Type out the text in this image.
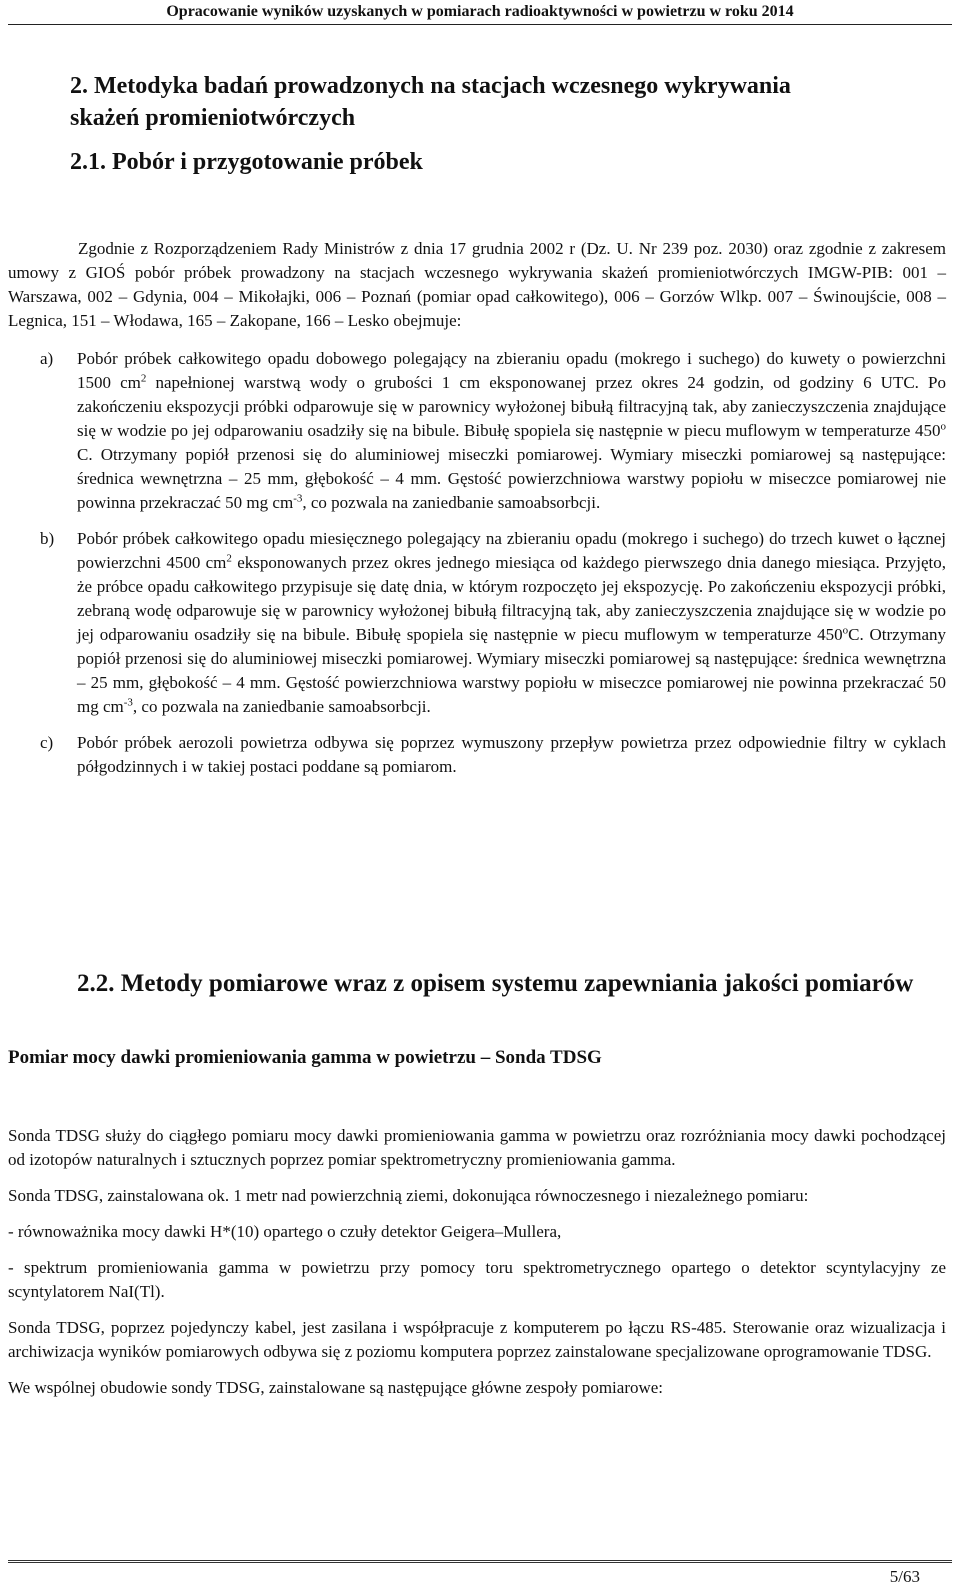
Opracowanie wyników uzyskanych w pomiarach radioaktywności w powietrzu w roku 2014
2. Metodyka badań prowadzonych na stacjach wczesnego wykrywania
skażeń promieniotwórczych
2.1. Pobór i przygotowanie próbek
Zgodnie z Rozporządzeniem Rady Ministrów z dnia 17 grudnia 2002 r (Dz. U. Nr 239 poz. 2030) oraz zgodnie z zakresem umowy z GIOŚ pobór próbek prowadzony na stacjach wczesnego wykrywania skażeń promieniotwórczych IMGW-PIB: 001 – Warszawa, 002 – Gdynia, 004 – Mikołajki, 006 – Poznań (pomiar opad całkowitego), 006 – Gorzów Wlkp. 007 – Świnoujście, 008 – Legnica, 151 – Włodawa, 165 – Zakopane, 166 – Lesko obejmuje:
a)	Pobór próbek całkowitego opadu dobowego polegający na zbieraniu opadu (mokrego i suchego) do kuwety o powierzchni 1500 $cm^2$ napełnionej warstwą wody o grubości 1 cm eksponowanej przez okres 24 godzin, od godziny 6 UTC. Po zakończeniu ekspozycji próbki odparowuje się w parownicy wyłożonej bibułą filtracyjną tak, aby zanieczyszczenia znajdujące się w wodzie po jej odparowaniu osadziły się na bibule. Bibułę spopiela się następnie w piecu muflowym w temperaturze 450$^o$ C. Otrzymany popiół przenosi się do aluminiowej miseczki pomiarowej. Wymiary miseczki pomiarowej są następujące: średnica wewnętrzna – 25 mm, głębokość – 4 mm. Gęstość powierzchniowa warstwy popiołu w miseczce pomiarowej nie powinna przekraczać 50 mg $cm^{-3}$, co pozwala na zaniedbanie samoabsorbcji.
b)	Pobór próbek całkowitego opadu miesięcznego polegający na zbieraniu opadu (mokrego i suchego) do trzech kuwet o łącznej powierzchni 4500 $cm^2$ eksponowanych przez okres jednego miesiąca od każdego pierwszego dnia danego miesiąca. Przyjęto, że próbce opadu całkowitego przypisuje się datę dnia, w którym rozpoczęto jej ekspozycję. Po zakończeniu ekspozycji próbki, zebraną wodę odparowuje się w parownicy wyłożonej bibułą filtracyjną tak, aby zanieczyszczenia znajdujące się w wodzie po jej odparowaniu osadziły się na bibule. Bibułę spopiela się następnie w piecu muflowym w temperaturze 450$^o$C. Otrzymany popiół przenosi się do aluminiowej miseczki pomiarowej. Wymiary miseczki pomiarowej są następujące: średnica wewnętrzna – 25 mm, głębokość – 4 mm. Gęstość powierzchniowa warstwy popiołu w miseczce pomiarowej nie powinna przekraczać 50 mg $cm^{-3}$, co pozwala na zaniedbanie samoabsorbcji.
c)	Pobór próbek aerozoli powietrza odbywa się poprzez wymuszony przepływ powietrza przez odpowiednie filtry w cyklach półgodzinnych i w takiej postaci poddane są pomiarom.
2.2. Metody pomiarowe wraz z opisem systemu zapewniania jakości pomiarów
Pomiar mocy dawki promieniowania gamma w powietrzu – Sonda TDSG

Sonda TDSG służy do ciągłego pomiaru mocy dawki promieniowania gamma w powietrzu oraz rozróżniania mocy dawki pochodzącej od izotopów naturalnych i sztucznych poprzez pomiar spektrometryczny promieniowania gamma.

Sonda TDSG, zainstalowana ok. 1 metr nad powierzchnią ziemi, dokonująca równoczesnego i niezależnego pomiaru:

- równoważnika mocy dawki H*(10) opartego o czuły detektor Geigera–Mullera,

- spektrum promieniowania gamma w powietrzu przy pomocy toru spektrometrycznego opartego o detektor scyntylacyjny ze scyntylatorem NaI(Tl).

Sonda TDSG, poprzez pojedynczy kabel, jest zasilana i współpracuje z komputerem po łączu RS-485. Sterowanie oraz wizualizacja i archiwizacja wyników pomiarowych odbywa się z poziomu komputera poprzez zainstalowane specjalizowane oprogramowanie TDSG.

We wspólnej obudowie sondy TDSG, zainstalowane są następujące główne zespoły pomiarowe:

5/63
